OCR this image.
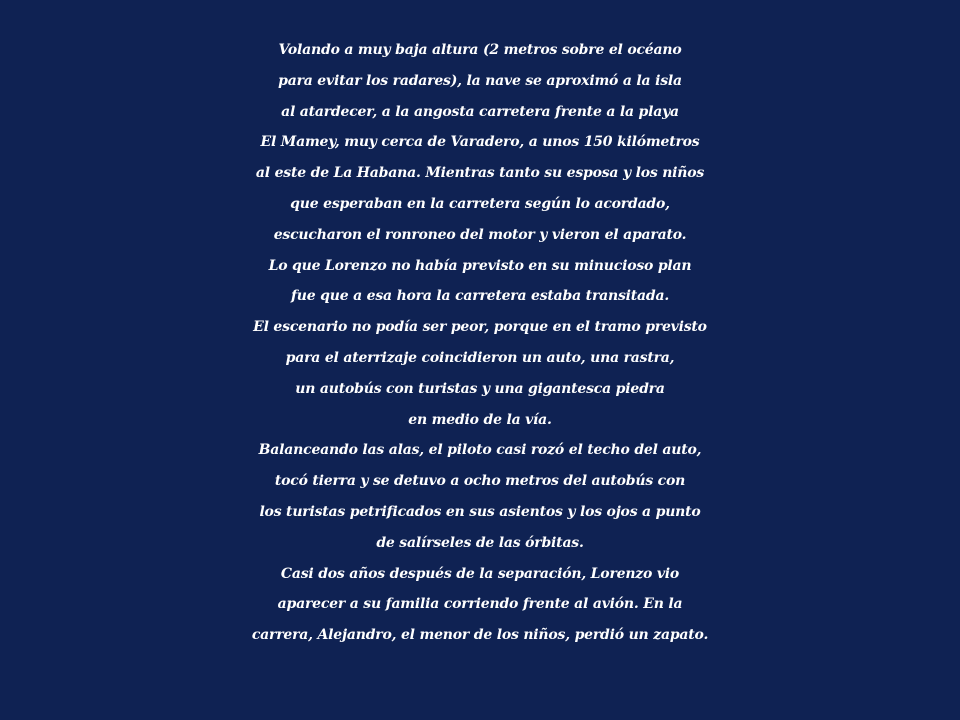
Volando a muy baja altura (2 metros sobre el océano
para evitar los radares), la nave se aproximó a la isla
al atardecer, a la angosta carretera frente a la playa
El Mamey, muy cerca de Varadero, a unos 150 kilómetros
al este de La Habana. Mientras tanto su esposa y los niños
que esperaban en la carretera según lo acordado,
escucharon el ronroneo del motor y vieron el aparato.
Lo que Lorenzo no había previsto en su minucioso plan
fue que a esa hora la carretera estaba transitada.
El escenario no podía ser peor, porque en el tramo previsto
para el aterrizaje coincidieron un auto, una rastra,
un autobús con turistas y una gigantesca piedra
en medio de la vía.
Balanceando las alas, el piloto casi rozó el techo del auto,
tocó tierra y se detuvo a ocho metros del autobús con
los turistas petrificados en sus asientos y los ojos a punto
de salírseles de las órbitas.
Casi dos años después de la separación, Lorenzo vio
aparecer a su familia corriendo frente al avión. En la
carrera, Alejandro, el menor de los niños, perdió un zapato.
